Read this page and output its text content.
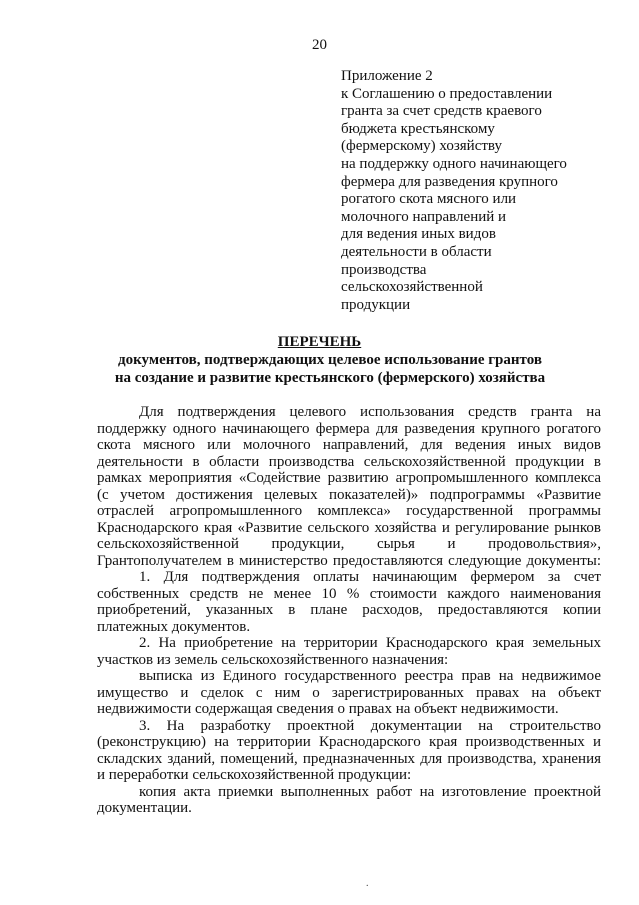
20
Приложение 2
к Соглашению о предоставлении
гранта за счет средств краевого
бюджета крестьянскому
(фермерскому) хозяйству
на поддержку одного начинающего
фермера для разведения крупного
рогатого скота мясного или
молочного направлений и
для ведения иных видов
деятельности в области
производства
сельскохозяйственной
продукции
ПЕРЕЧЕНЬ
документов, подтверждающих целевое использование грантов
на создание и развитие крестьянского (фермерского) хозяйства
Для подтверждения целевого использования средств гранта на
поддержку одного начинающего фермера для разведения крупного рогатого
скота мясного или молочного направлений, для ведения иных видов
деятельности в области производства сельскохозяйственной продукции в
рамках мероприятия «Содействие развитию агропромышленного комплекса
(с учетом достижения целевых показателей)» подпрограммы «Развитие
отраслей агропромышленного комплекса» государственной программы
Краснодарского края «Развитие сельского хозяйства и регулирование рынков
сельскохозяйственной продукции, сырья и продовольствия»,
Грантополучателем в министерство предоставляются следующие документы:
1. Для подтверждения оплаты начинающим фермером за счет
собственных средств не менее 10 % стоимости каждого наименования
приобретений, указанных в плане расходов, предоставляются копии
платежных документов.
2. На приобретение на территории Краснодарского края земельных
участков из земель сельскохозяйственного назначения:
выписка из Единого государственного реестра прав на недвижимое
имущество и сделок с ним о зарегистрированных правах на объект
недвижимости содержащая сведения о правах на объект недвижимости.
3. На разработку проектной документации на строительство
(реконструкцию) на территории Краснодарского края производственных и
складских зданий, помещений, предназначенных для производства, хранения
и переработки сельскохозяйственной продукции:
копия акта приемки выполненных работ на изготовление проектной
документации.
.
